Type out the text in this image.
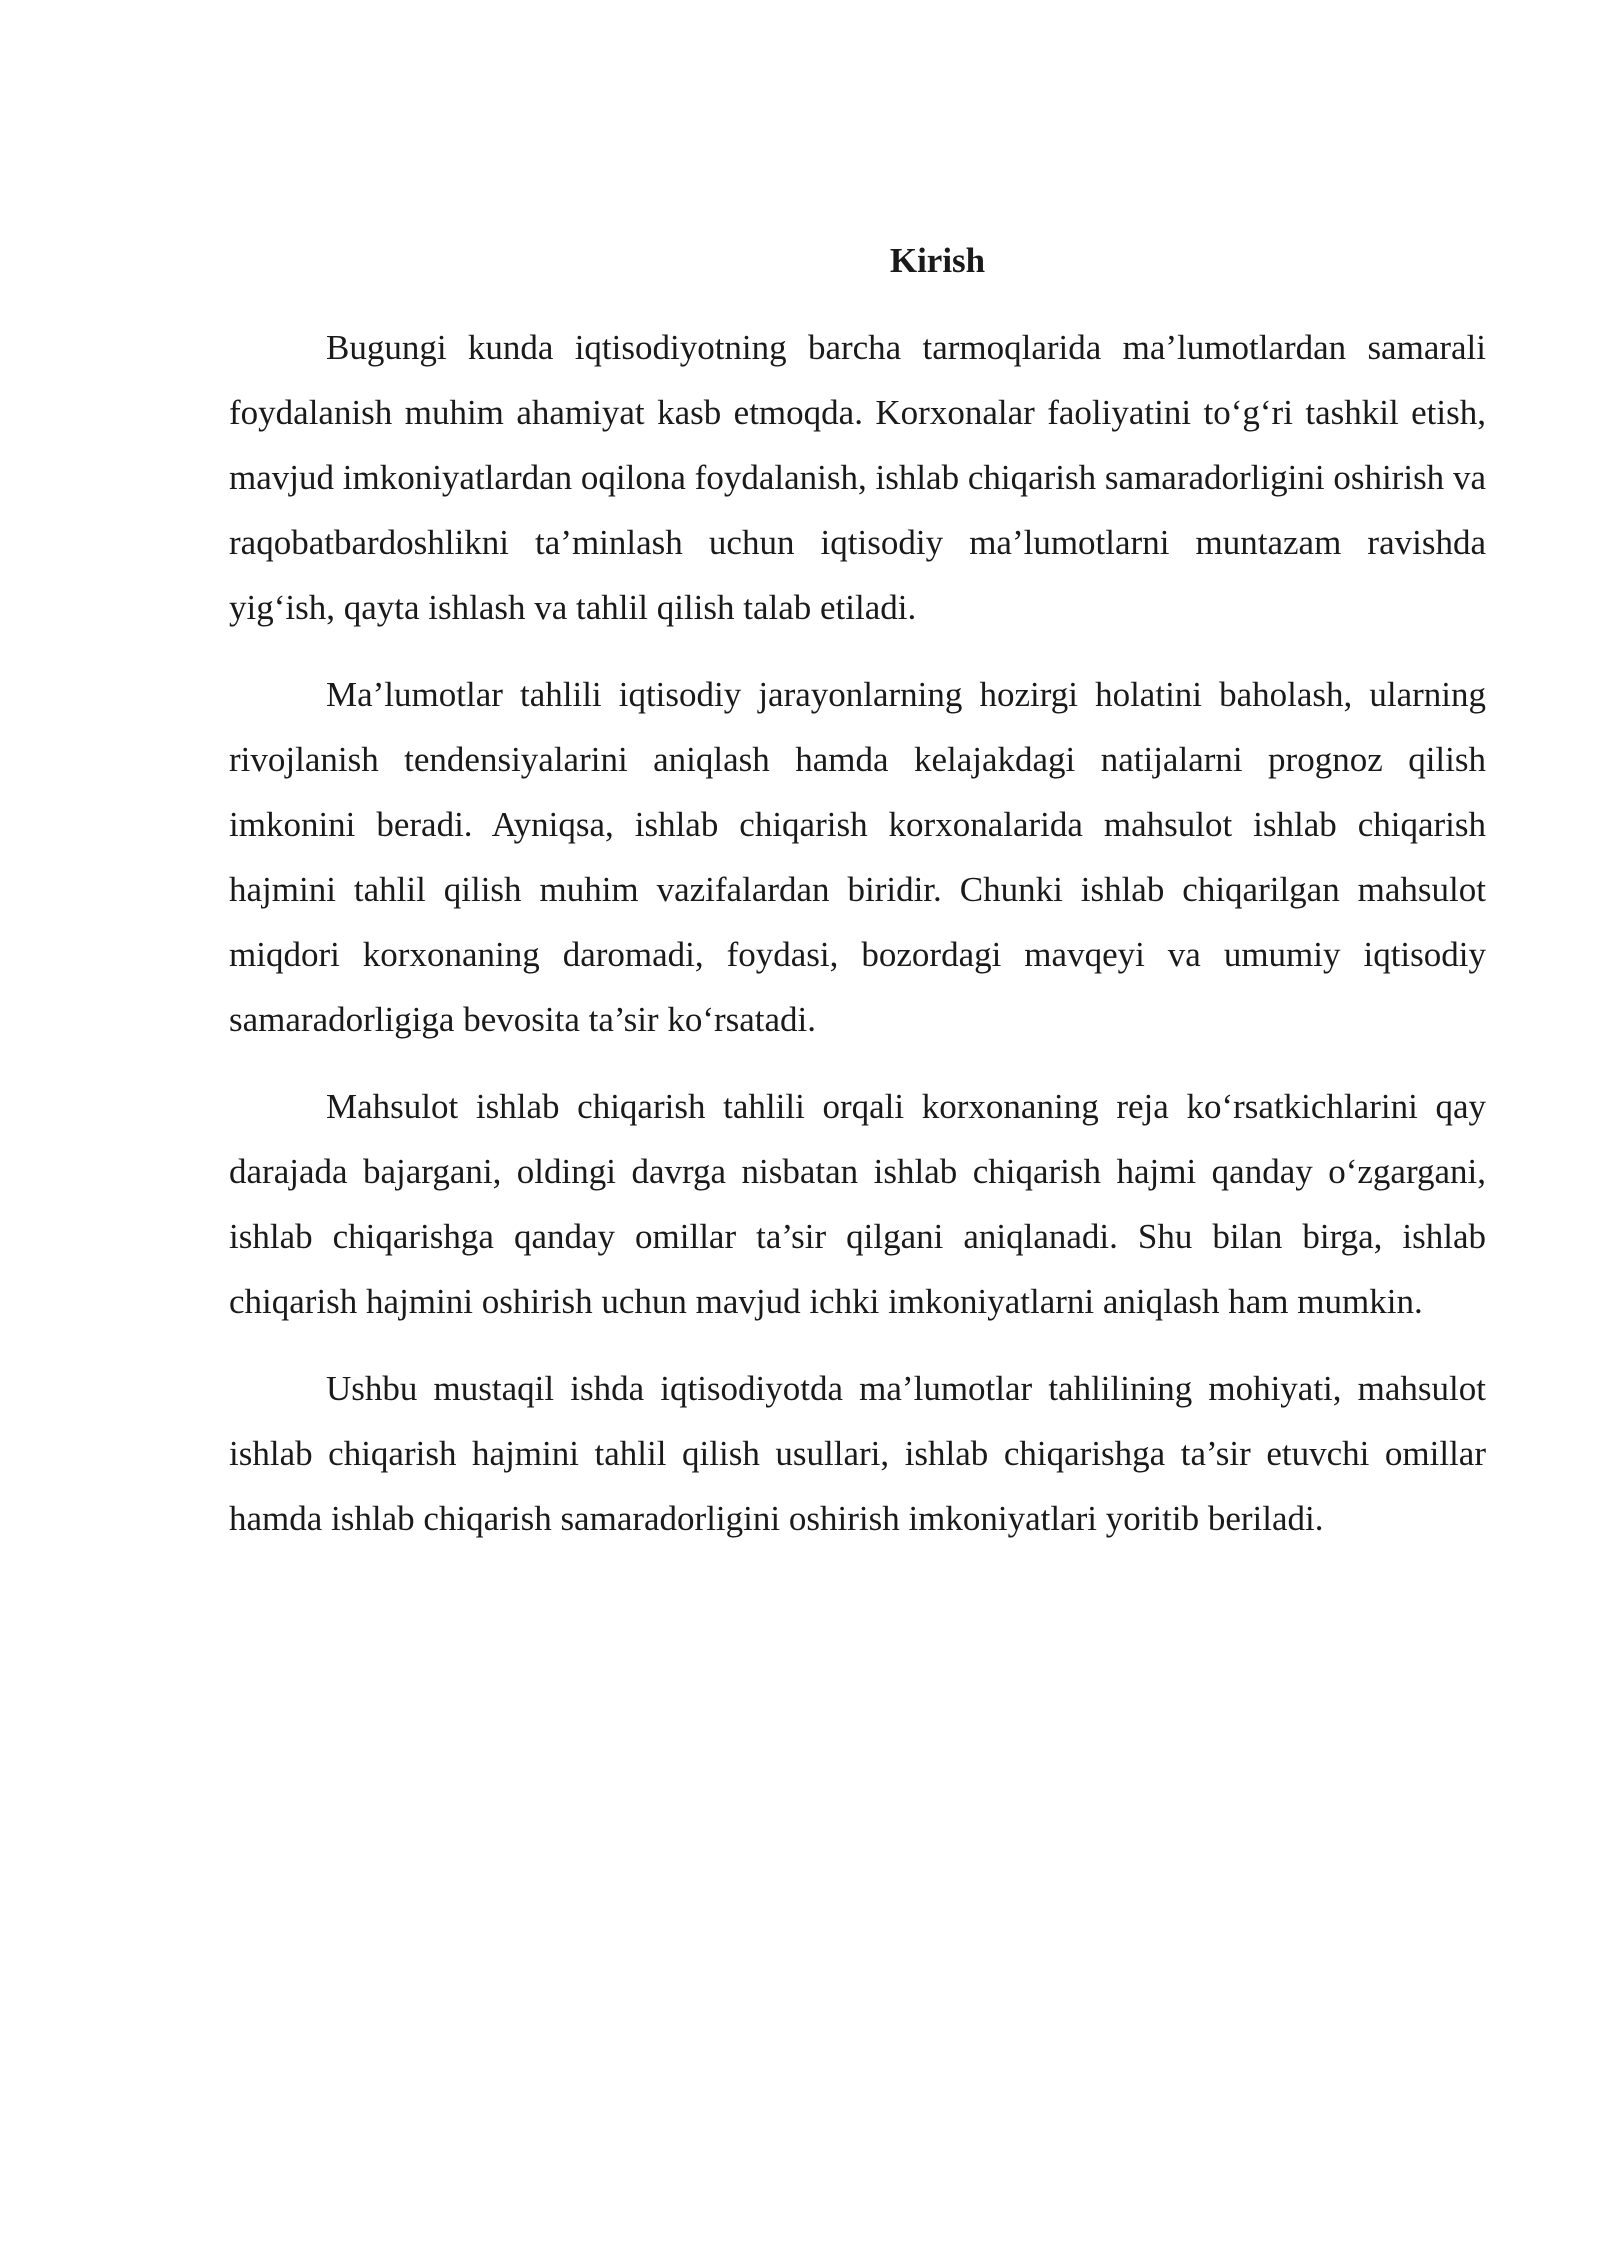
Kirish

Bugungi kunda iqtisodiyotning barcha tarmoqlarida ma’lumotlardan samarali foydalanish muhim ahamiyat kasb etmoqda. Korxonalar faoliyatini to‘g‘ri tashkil etish, mavjud imkoniyatlardan oqilona foydalanish, ishlab chiqarish samaradorligini oshirish va raqobatbardoshlikni ta’minlash uchun iqtisodiy ma’lumotlarni muntazam ravishda yig‘ish, qayta ishlash va tahlil qilish talab etiladi.

Ma’lumotlar tahlili iqtisodiy jarayonlarning hozirgi holatini baholash, ularning rivojlanish tendensiyalarini aniqlash hamda kelajakdagi natijalarni prognoz qilish imkonini beradi. Ayniqsa, ishlab chiqarish korxonalarida mahsulot ishlab chiqarish hajmini tahlil qilish muhim vazifalardan biridir. Chunki ishlab chiqarilgan mahsulot miqdori korxonaning daromadi, foydasi, bozordagi mavqeyi va umumiy iqtisodiy samaradorligiga bevosita ta’sir ko‘rsatadi.

Mahsulot ishlab chiqarish tahlili orqali korxonaning reja ko‘rsatkichlarini qay darajada bajargani, oldingi davrga nisbatan ishlab chiqarish hajmi qanday o‘zgargani, ishlab chiqarishga qanday omillar ta’sir qilgani aniqlanadi. Shu bilan birga, ishlab chiqarish hajmini oshirish uchun mavjud ichki imkoniyatlarni aniqlash ham mumkin.

Ushbu mustaqil ishda iqtisodiyotda ma’lumotlar tahlilining mohiyati, mahsulot ishlab chiqarish hajmini tahlil qilish usullari, ishlab chiqarishga ta’sir etuvchi omillar hamda ishlab chiqarish samaradorligini oshirish imkoniyatlari yoritib beriladi.
